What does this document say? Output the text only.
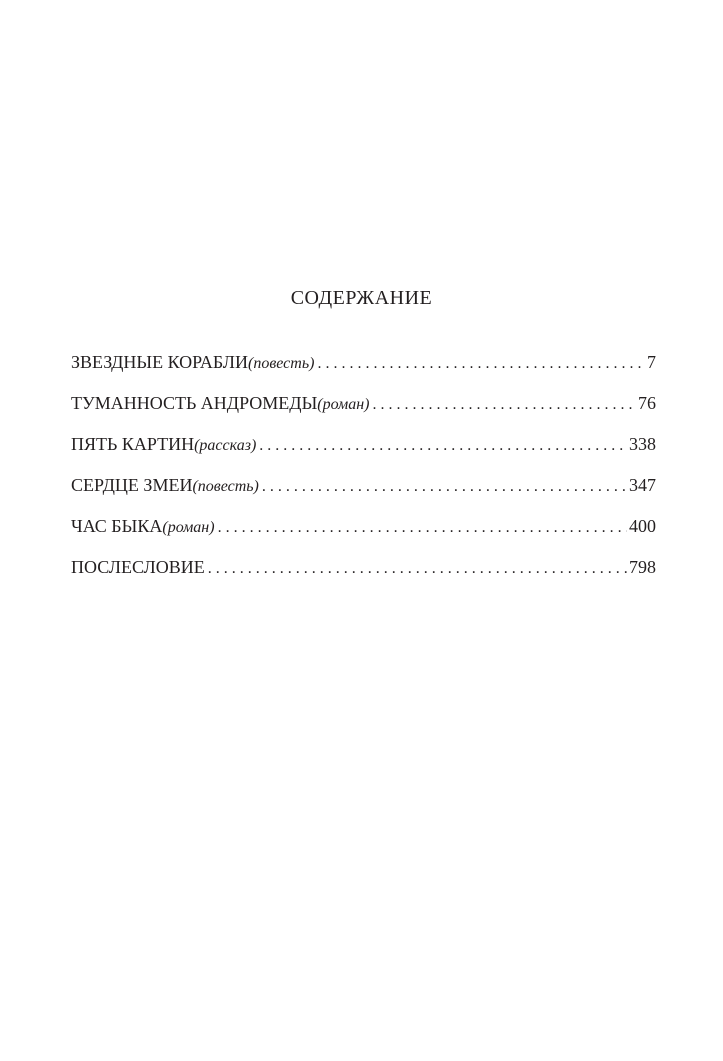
СОДЕРЖАНИЕ
ЗВЕЗДНЫЕ КОРАБЛИ (повесть) . . .	7
ТУМАННОСТЬ АНДРОМЕДЫ (роман) . . .	76
ПЯТЬ КАРТИН (рассказ) . . .	338
СЕРДЦЕ ЗМЕИ (повесть) . . .	347
ЧАС БЫКА (роман) . . .	400
ПОСЛЕСЛОВИЕ . . .	798
